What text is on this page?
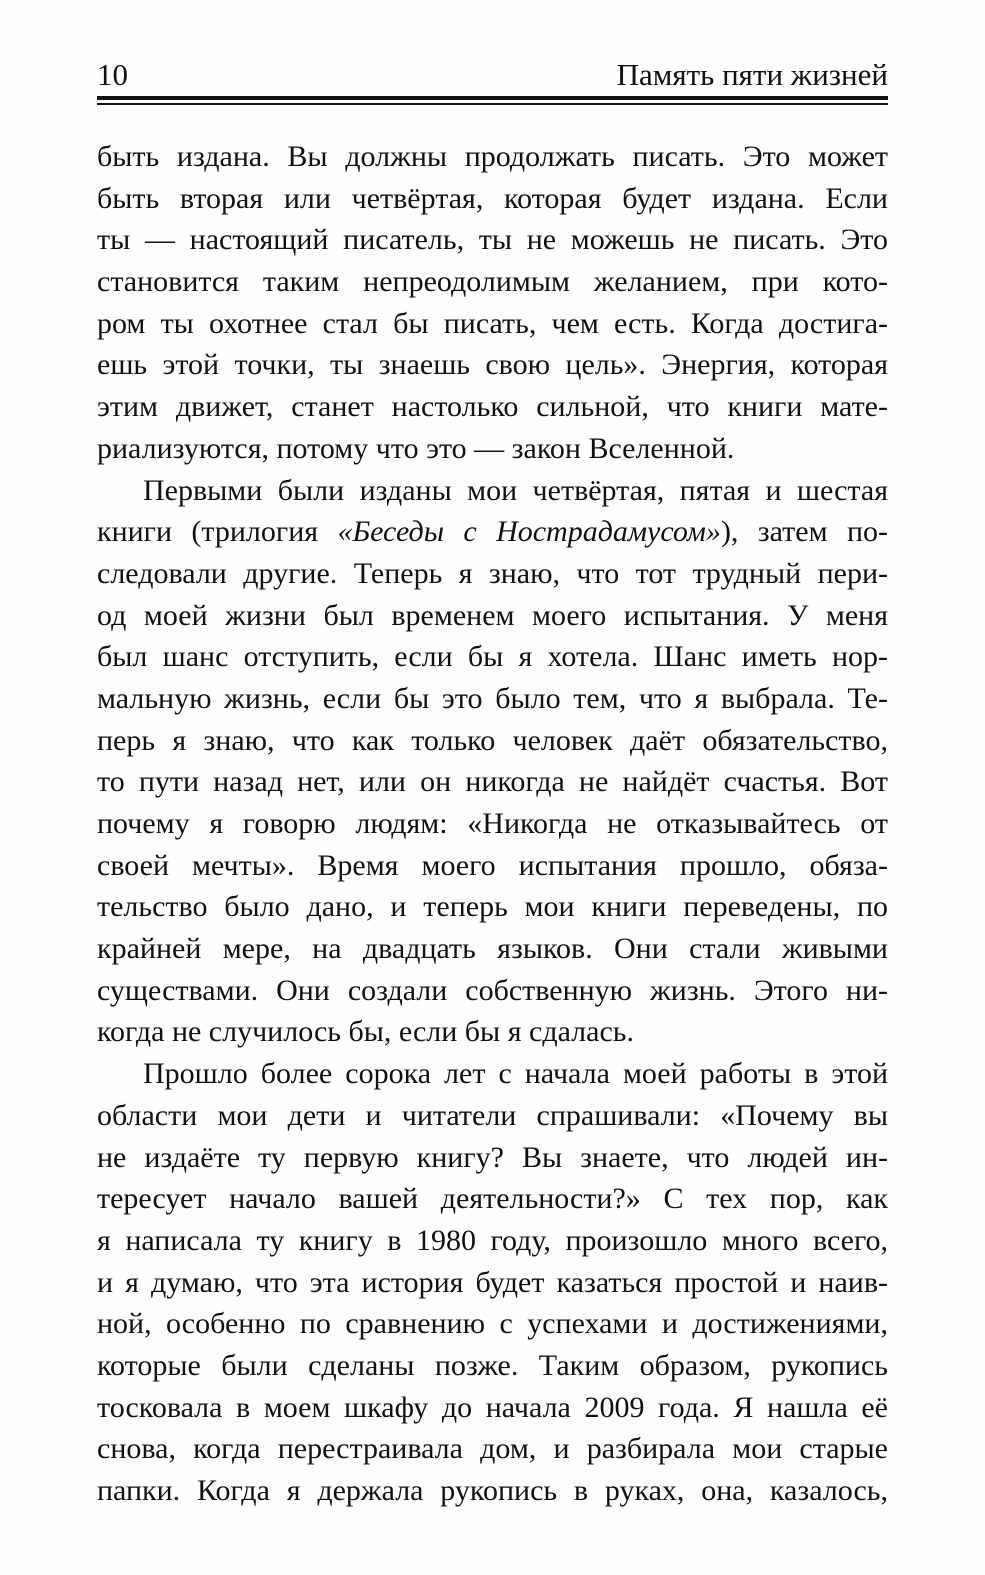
10	Память пяти жизней
быть издана. Вы должны продолжать писать. Это может
быть вторая или четвёртая, которая будет издана. Если
ты — настоящий писатель, ты не можешь не писать. Это
становится таким непреодолимым желанием, при кото-
ром ты охотнее стал бы писать, чем есть. Когда достига-
ешь этой точки, ты знаешь свою цель». Энергия, которая
этим движет, станет настолько сильной, что книги мате-
риализуются, потому что это — закон Вселенной.
Первыми были изданы мои четвёртая, пятая и шестая
книги (трилогия «Беседы с Нострадамусом»), затем по-
следовали другие. Теперь я знаю, что тот трудный пери-
од моей жизни был временем моего испытания. У меня
был шанс отступить, если бы я хотела. Шанс иметь нор-
мальную жизнь, если бы это было тем, что я выбрала. Те-
перь я знаю, что как только человек даёт обязательство,
то пути назад нет, или он никогда не найдёт счастья. Вот
почему я говорю людям: «Никогда не отказывайтесь от
своей мечты». Время моего испытания прошло, обяза-
тельство было дано, и теперь мои книги переведены, по
крайней мере, на двадцать языков. Они стали живыми
существами. Они создали собственную жизнь. Этого ни-
когда не случилось бы, если бы я сдалась.
Прошло более сорока лет с начала моей работы в этой
области мои дети и читатели спрашивали: «Почему вы
не издаёте ту первую книгу? Вы знаете, что людей ин-
тересует начало вашей деятельности?» С тех пор, как
я написала ту книгу в 1980 году, произошло много всего,
и я думаю, что эта история будет казаться простой и наив-
ной, особенно по сравнению с успехами и достижениями,
которые были сделаны позже. Таким образом, рукопись
тосковала в моем шкафу до начала 2009 года. Я нашла её
снова, когда перестраивала дом, и разбирала мои старые
папки. Когда я держала рукопись в руках, она, казалось,
